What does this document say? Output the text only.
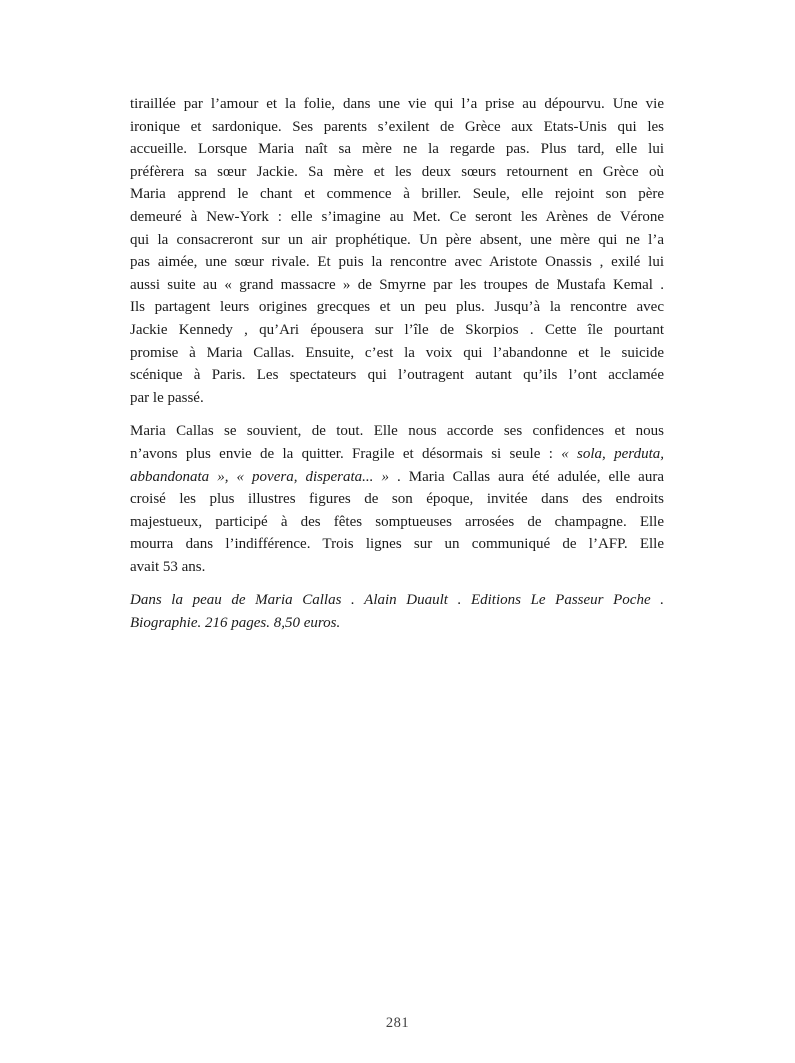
tiraillée par l’amour et la folie, dans une vie qui l’a prise au dépourvu. Une vie
ironique et sardonique. Ses parents s’exilent de Grèce aux Etats-Unis qui les
accueille. Lorsque Maria naît sa mère ne la regarde pas. Plus tard, elle lui
préfèrera sa sœur Jackie. Sa mère et les deux sœurs retournent en Grèce où
Maria apprend le chant et commence à briller. Seule, elle rejoint son père
demeuré à New-York : elle s’imagine au Met. Ce seront les Arènes de Vérone
qui la consacreront sur un air prophétique. Un père absent, une mère qui ne l’a
pas aimée, une sœur rivale. Et puis la rencontre avec Aristote Onassis , exilé lui
aussi suite au « grand massacre » de Smyrne par les troupes de Mustafa Kemal .
Ils partagent leurs origines grecques et un peu plus. Jusqu’à la rencontre avec
Jackie Kennedy , qu’Ari épousera sur l’île de Skorpios . Cette île pourtant
promise à Maria Callas. Ensuite, c’est la voix qui l’abandonne et le suicide
scénique à Paris. Les spectateurs qui l’outragent autant qu’ils l’ont acclamée
par le passé.
Maria Callas se souvient, de tout. Elle nous accorde ses confidences et nous
n’avons plus envie de la quitter. Fragile et désormais si seule : « sola, perduta,
abbandonata », « povera, disperata... » . Maria Callas aura été adulée, elle aura
croisé les plus illustres figures de son époque, invitée dans des endroits
majestueux, participé à des fêtes somptueuses arrosées de champagne. Elle
mourra dans l’indifférence. Trois lignes sur un communiqué de l’AFP. Elle
avait 53 ans.
Dans la peau de Maria Callas . Alain Duault . Editions Le Passeur Poche .
Biographie. 216 pages. 8,50 euros.
281
